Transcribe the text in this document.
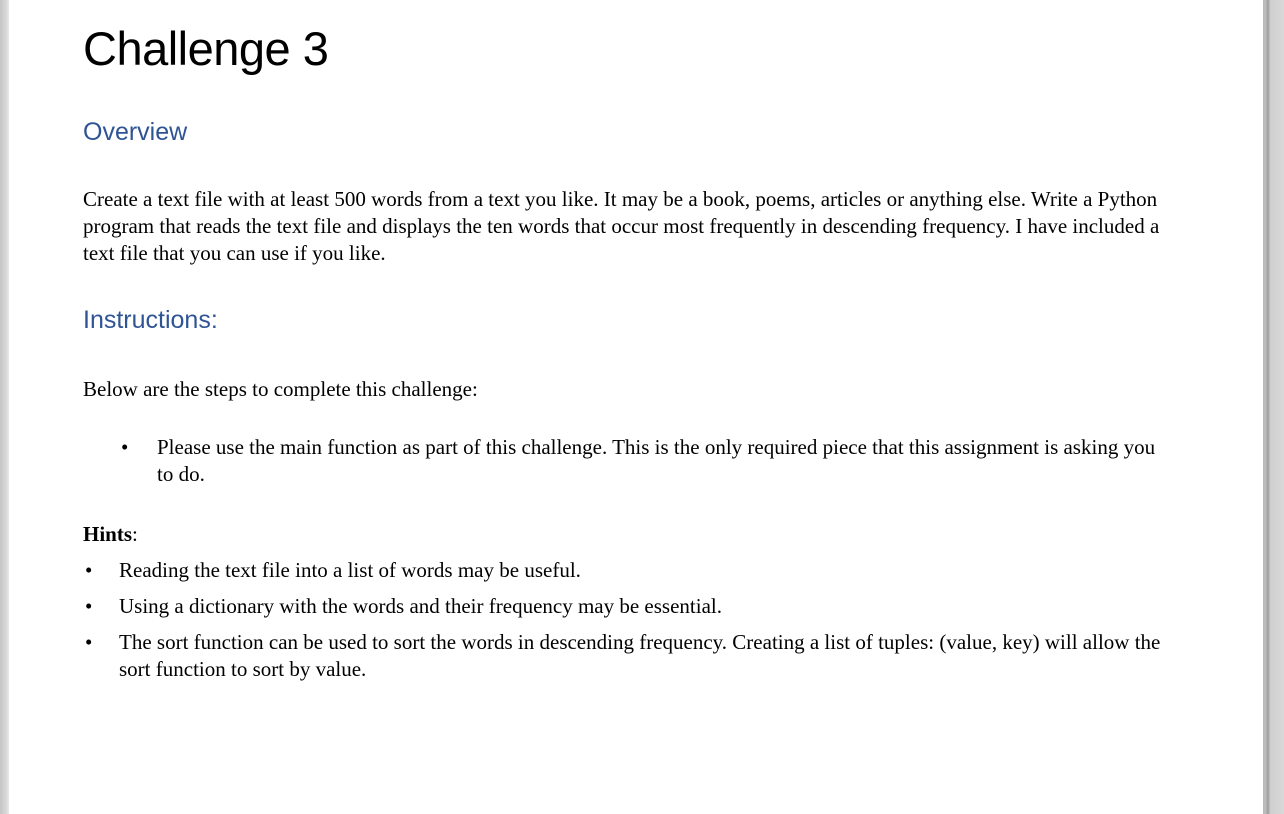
Challenge 3
Overview

Create a text file with at least 500 words from a text you like. It may be a book, poems, articles or anything else. Write a Python program that reads the text file and displays the ten words that occur most frequently in descending frequency. I have included a text file that you can use if you like.

Instructions:

Below are the steps to complete this challenge:

• Please use the main function as part of this challenge. This is the only required piece that this assignment is asking you to do.

Hints:

• Reading the text file into a list of words may be useful.
• Using a dictionary with the words and their frequency may be essential.
• The sort function can be used to sort the words in descending frequency. Creating a list of tuples: (value, key) will allow the sort function to sort by value.
